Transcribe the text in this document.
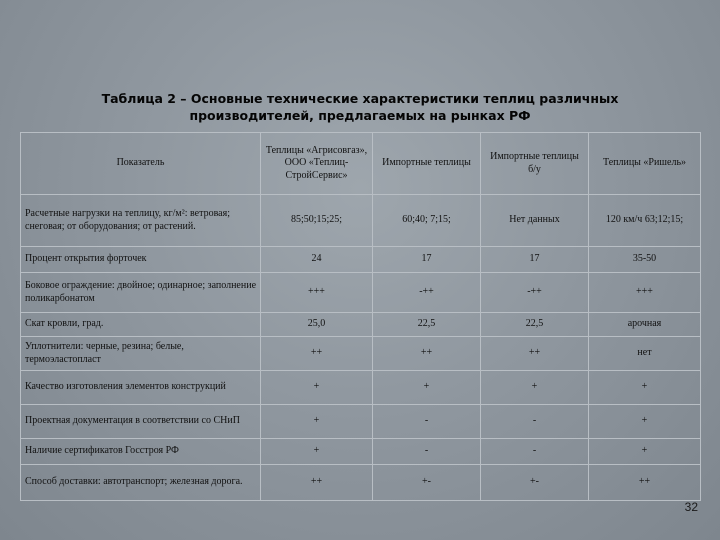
Таблица 2 – Основные технические характеристики теплиц различных
производителей, предлагаемых на рынках РФ
Показатель	Теплицы «Агрисовгаз», ООО «Теплиц-СтройСервис»	Импортные теплицы	Импортные теплицы б/у	Теплицы «Ришель»
Расчетные нагрузки на теплицу, кг/м²: ветровая; снеговая; от оборудования; от растений.	85;50;15;25;	60;40; 7;15;	Нет данных	120 км/ч 63;12;15;
Процент открытия форточек	24	17	17	35-50
Боковое ограждение: двойное; одинарное; заполнение поликарбонатом	+++	-++	-++	+++
Скат кровли, град.	25,0	22,5	22,5	арочная
Уплотнители: черные, резина; белые, термоэластопласт	++	++	++	нет
Качество изготовления элементов конструкций	+	+	+	+
Проектная документация в соответствии со СНиП	+	-	-	+
Наличие сертификатов Госстроя РФ	+	-	-	+
Способ доставки: автотранспорт; железная дорога.	++	+-	+-	++
32
